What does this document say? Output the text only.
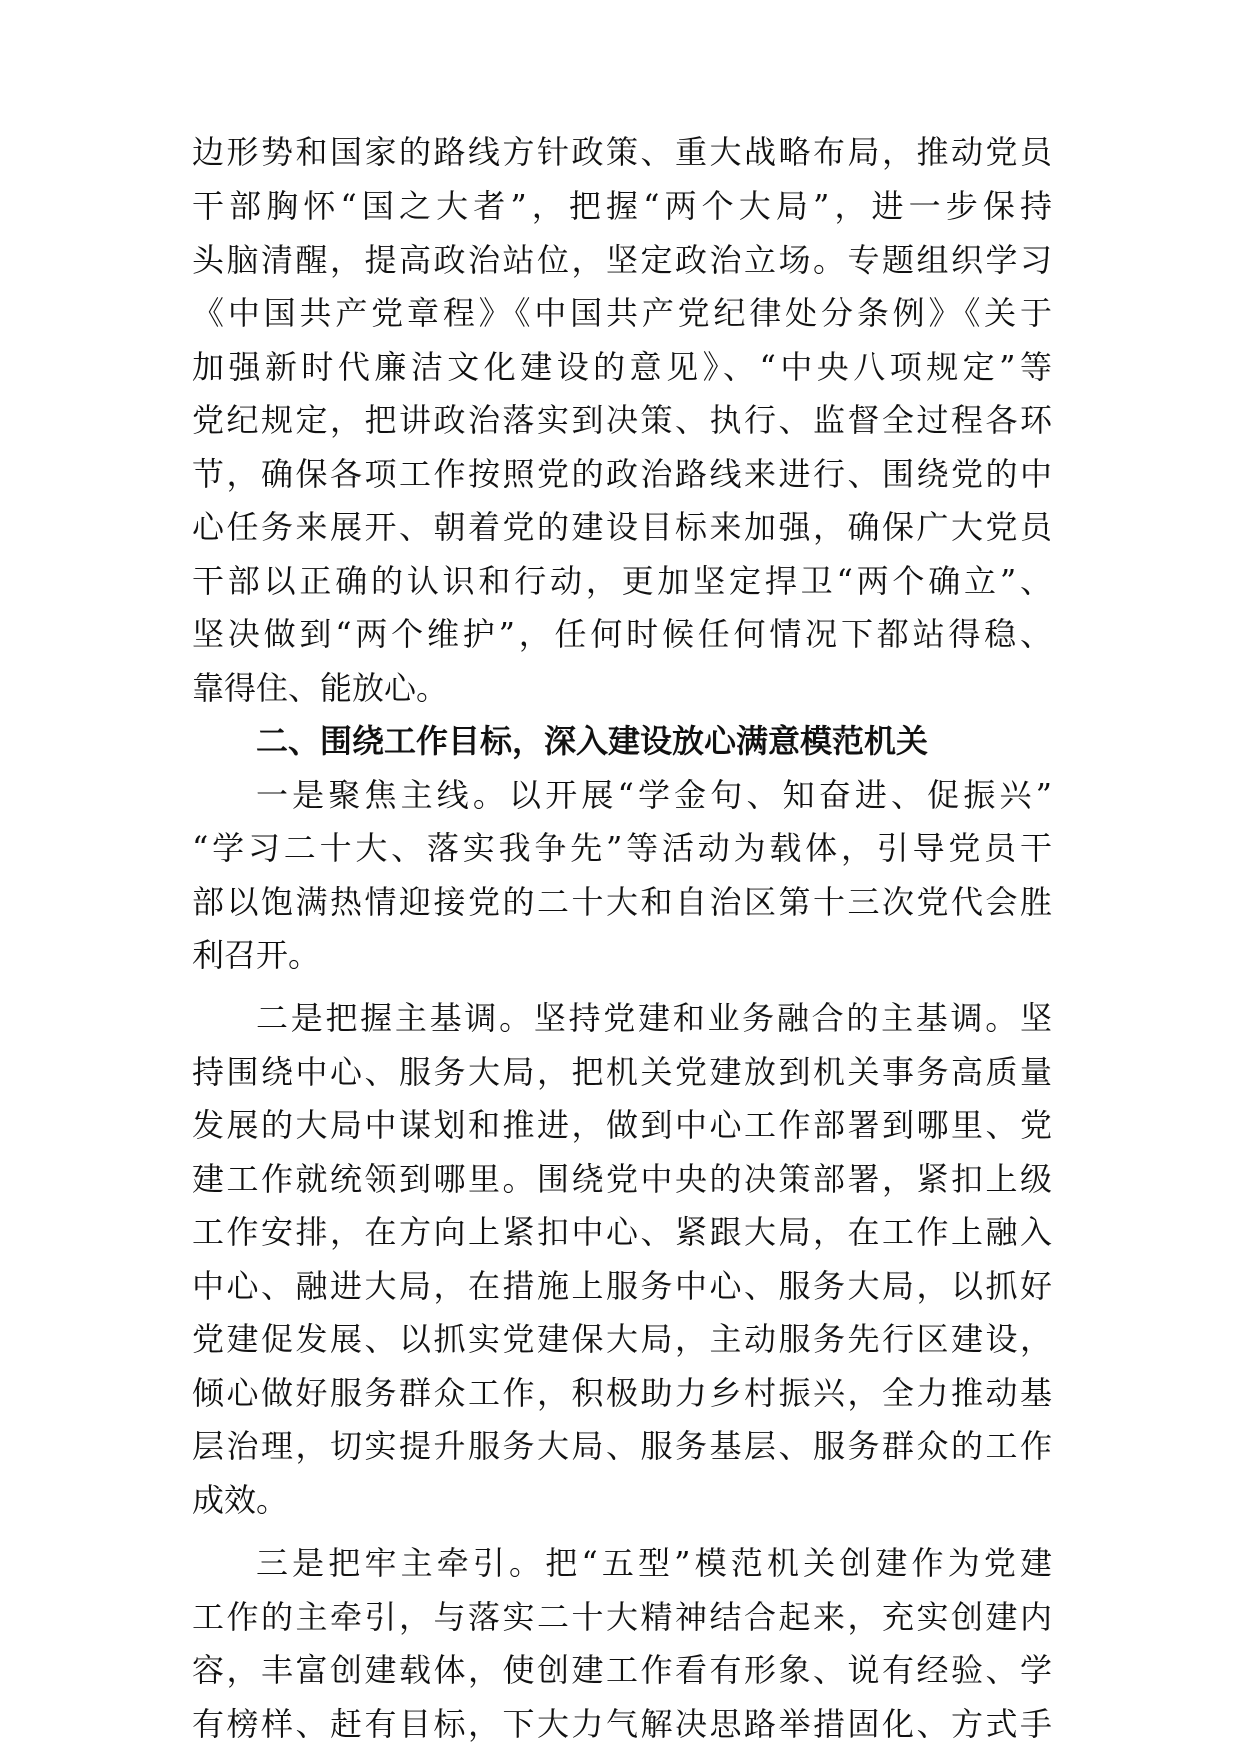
边形势和国家的路线方针政策、重大战略布局，推动党员
干部胸怀“国之大者”，把握“两个大局”，进一步保持
头脑清醒，提高政治站位，坚定政治立场。专题组织学习
《中国共产党章程》《中国共产党纪律处分条例》《关于
加强新时代廉洁文化建设的意见》、“中央八项规定”等
党纪规定，把讲政治落实到决策、执行、监督全过程各环
节，确保各项工作按照党的政治路线来进行、围绕党的中
心任务来展开、朝着党的建设目标来加强，确保广大党员
干部以正确的认识和行动，更加坚定捍卫“两个确立”、
坚决做到“两个维护”，任何时候任何情况下都站得稳、
靠得住、能放心。
二、围绕工作目标，深入建设放心满意模范机关
一是聚焦主线。以开展“学金句、知奋进、促振兴”
“学习二十大、落实我争先”等活动为载体，引导党员干
部以饱满热情迎接党的二十大和自治区第十三次党代会胜
利召开。
二是把握主基调。坚持党建和业务融合的主基调。坚
持围绕中心、服务大局，把机关党建放到机关事务高质量
发展的大局中谋划和推进，做到中心工作部署到哪里、党
建工作就统领到哪里。围绕党中央的决策部署，紧扣上级
工作安排，在方向上紧扣中心、紧跟大局，在工作上融入
中心、融进大局，在措施上服务中心、服务大局，以抓好
党建促发展、以抓实党建保大局，主动服务先行区建设，
倾心做好服务群众工作，积极助力乡村振兴，全力推动基
层治理，切实提升服务大局、服务基层、服务群众的工作
成效。
三是把牢主牵引。把“五型”模范机关创建作为党建
工作的主牵引，与落实二十大精神结合起来，充实创建内
容，丰富创建载体，使创建工作看有形象、说有经验、学
有榜样、赶有目标，下大力气解决思路举措固化、方式手
